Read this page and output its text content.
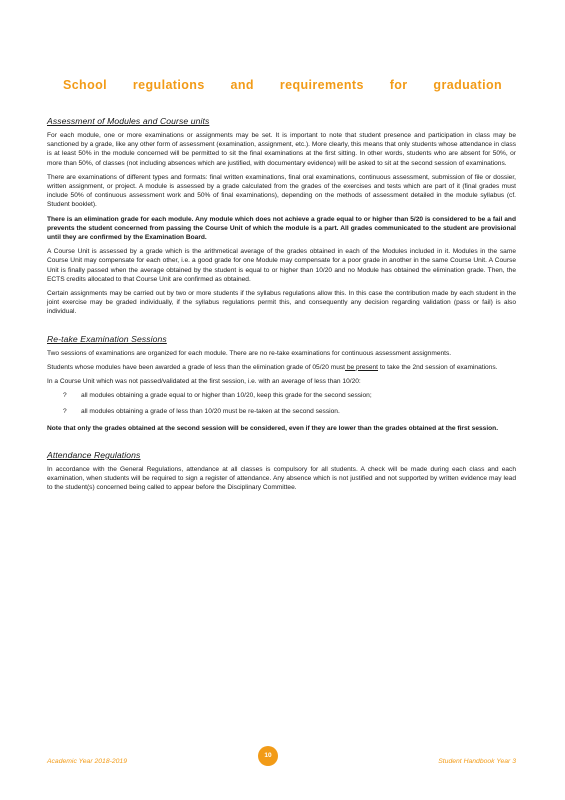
School regulations and requirements for graduation
Assessment of Modules and Course units

For each module, one or more examinations or assignments may be set. It is important to note that student presence and participation in class may be sanctioned by a grade, like any other form of assessment (examination, assignment, etc.). More clearly, this means that only students whose attendance in class is at least 50% in the module concerned will be permitted to sit the final examinations at the first sitting. In other words, students who are absent for 50%, or more than 50%, of classes (not including absences which are justified, with documentary evidence) will be asked to sit at the second session of examinations.

There are examinations of different types and formats: final written examinations, final oral examinations, continuous assessment, submission of file or dossier, written assignment, or project. A module is assessed by a grade calculated from the grades of the exercises and tests which are part of it (final grades must include 50% of continuous assessment work and 50% of final examinations), depending on the methods of assessment detailed in the module syllabus (cf. Student booklet).

There is an elimination grade for each module. Any module which does not achieve a grade equal to or higher than 5/20 is considered to be a fail and prevents the student concerned from passing the Course Unit of which the module is a part. All grades communicated to the student are provisional until they are confirmed by the Examination Board.

A Course Unit is assessed by a grade which is the arithmetical average of the grades obtained in each of the Modules included in it. Modules in the same Course Unit may compensate for each other, i.e. a good grade for one Module may compensate for a poor grade in another in the same Course Unit. A Course Unit is finally passed when the average obtained by the student is equal to or higher than 10/20 and no Module has obtained the elimination grade. Then, the ECTS credits allocated to that Course Unit are confirmed as obtained.

Certain assignments may be carried out by two or more students if the syllabus regulations allow this. In this case the contribution made by each student in the joint exercise may be graded individually, if the syllabus regulations permit this, and consequently any decision regarding validation (pass or fail) is also individual.

Re-take Examination Sessions

Two sessions of examinations are organized for each module. There are no re-take examinations for continuous assessment assignments.

Students whose modules have been awarded a grade of less than the elimination grade of 05/20 must be present to take the 2nd session of examinations.

In a Course Unit which was not passed/validated at the first session, i.e. with an average of less than 10/20:

?	all modules obtaining a grade equal to or higher than 10/20, keep this grade for the second session;

?	all modules obtaining a grade of less than 10/20 must be re-taken at the second session.

Note that only the grades obtained at the second session will be considered, even if they are lower than the grades obtained at the first session.

Attendance Regulations

In accordance with the General Regulations, attendance at all classes is compulsory for all students. A check will be made during each class and each examination, when students will be required to sign a register of attendance. Any absence which is not justified and not supported by written evidence may lead to the student(s) concerned being called to appear before the Disciplinary Committee.

10
Academic Year 2018-2019	Student Handbook Year 3
